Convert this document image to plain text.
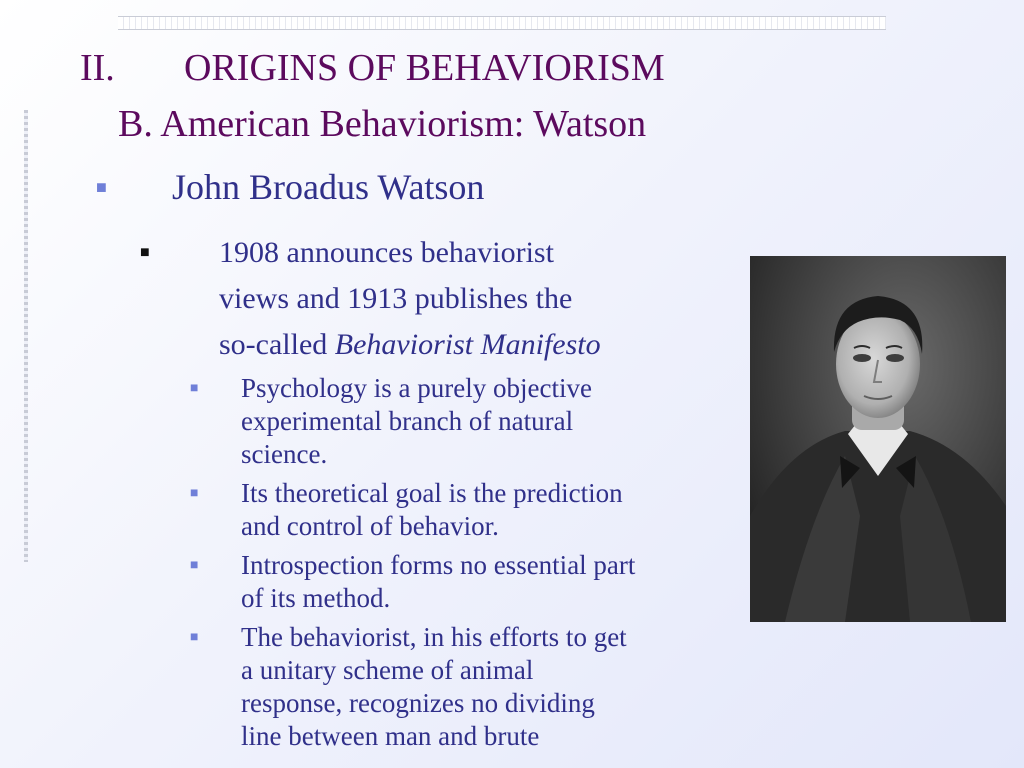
II. ORIGINS OF BEHAVIORISM
B. American Behaviorism: Watson
■ John Broadus Watson
■ 1908 announces behaviorist
views and 1913 publishes the
so-called Behaviorist Manifesto
■ Psychology is a purely objective
experimental branch of natural
science.
■ Its theoretical goal is the prediction
and control of behavior.
■ Introspection forms no essential part
of its method.
■ The behaviorist, in his efforts to get
a unitary scheme of animal
response, recognizes no dividing
line between man and brute
